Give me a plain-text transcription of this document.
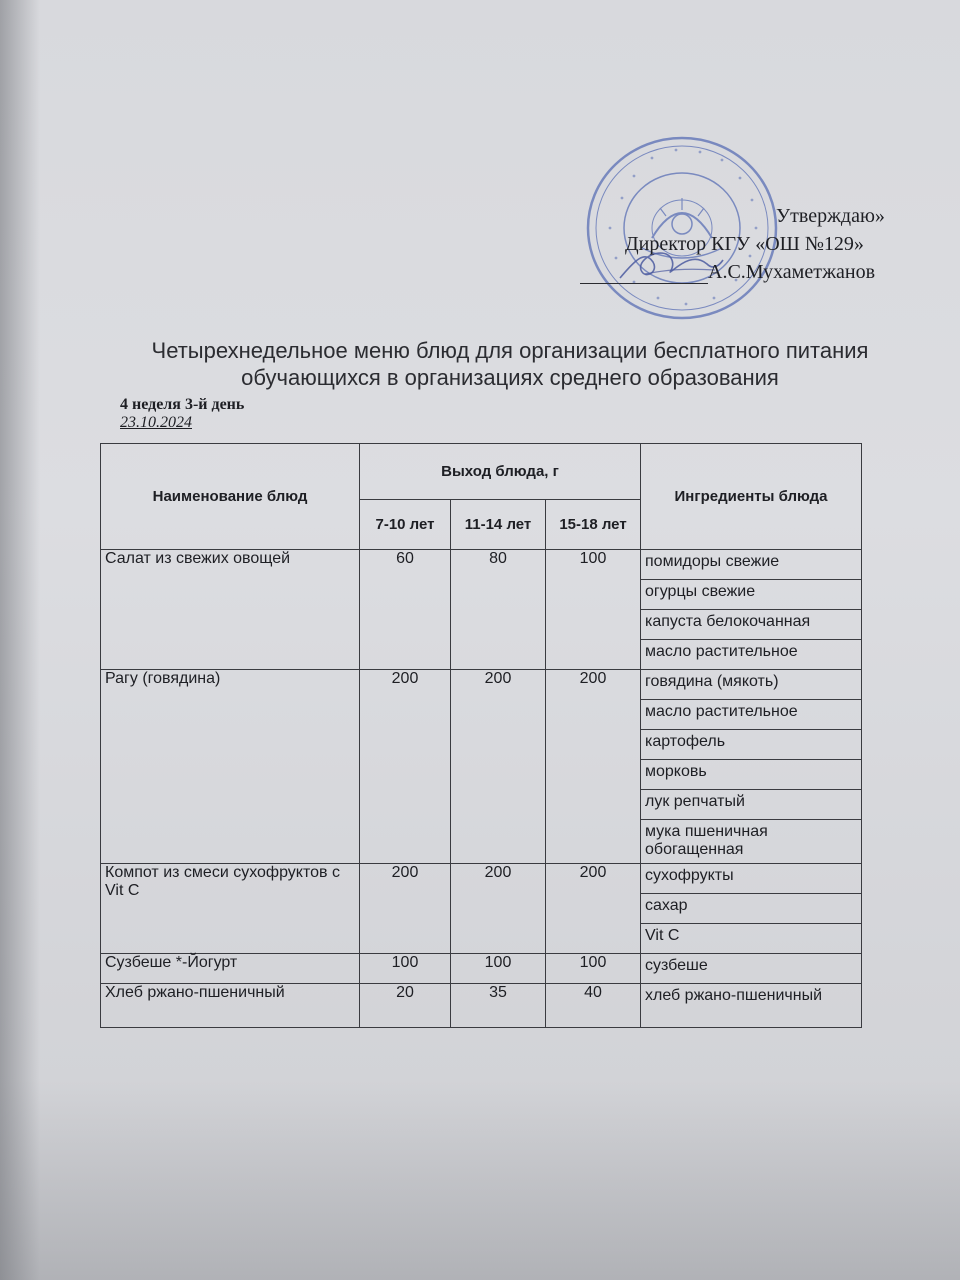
Утверждаю»
Директор КГУ «ОШ №129»
А.С.Мухаметжанов
Четырехнедельное меню блюд для организации бесплатного питания
обучающихся в организациях среднего образования
4 неделя 3-й день
23.10.2024
Наименование блюд	Выход блюда, г			Ингредиенты блюда
	7-10 лет	11-14 лет	15-18 лет	
Салат из свежих овощей	60	80	100	помидоры свежие
				огурцы свежие
				капуста белокочанная
				масло растительное
Рагу (говядина)	200	200	200	говядина (мякоть)
				масло растительное
				картофель
				морковь
				лук репчатый
				мука пшеничная обогащенная
Компот из смеси сухофруктов с Vit C	200	200	200	сухофрукты
				сахар
				Vit C
Сузбеше *-Йогурт	100	100	100	сузбеше
Хлеб ржано-пшеничный	20	35	40	хлеб ржано-пшеничный
